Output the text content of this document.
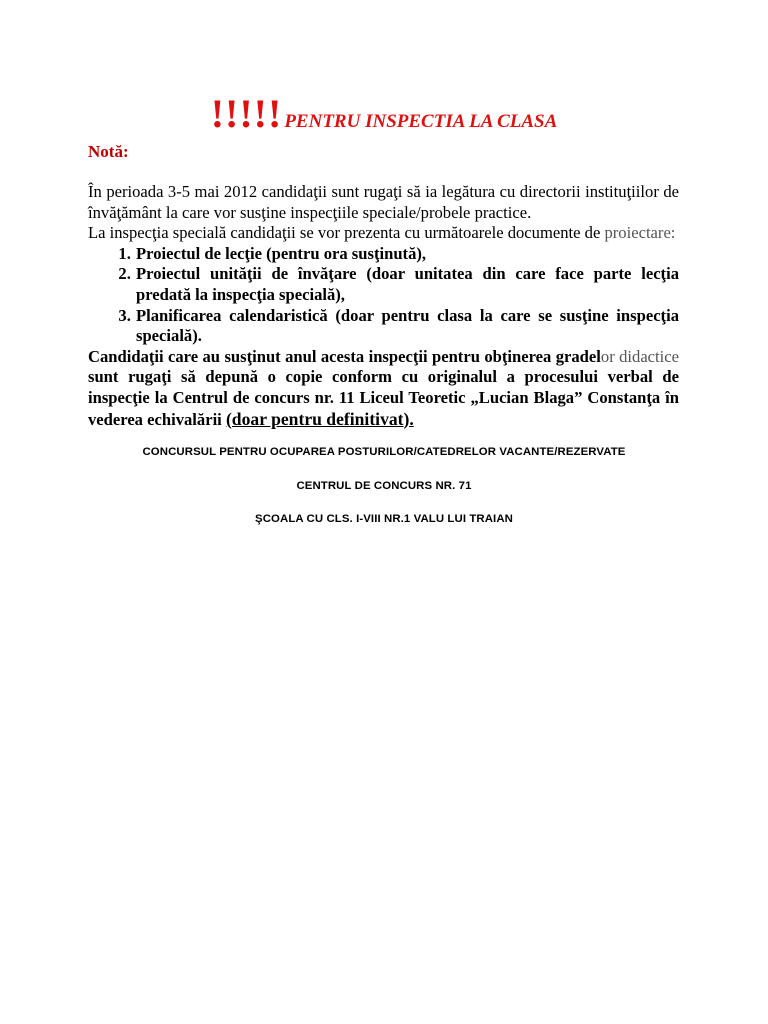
!!!!! PENTRU INSPECTIA LA CLASA
Notă:

În perioada 3-5 mai 2012 candidaţii sunt rugaţi să ia legătura cu directorii instituţiilor de învăţământ la care vor susţine inspecţiile speciale/probele practice.

La inspecţia specială candidaţii se vor prezenta cu următoarele documente de proiectare:

1. Proiectul de lecţie (pentru ora susţinută),
2. Proiectul unităţii de învăţare (doar unitatea din care face parte lecţia predată la inspecţia specială),
3. Planificarea calendaristică (doar pentru clasa la care se susţine inspecţia specială).

Candidaţii care au susţinut anul acesta inspecţii pentru obţinerea gradelor didactice sunt rugaţi să depună o copie conform cu originalul a procesului verbal de inspecţie la Centrul de concurs nr. 11 Liceul Teoretic „Lucian Blaga” Constanţa în vederea echivalării (doar pentru definitivat).

CONCURSUL PENTRU OCUPAREA POSTURILOR/CATEDRELOR VACANTE/REZERVATE
CENTRUL DE CONCURS NR. 71
ŞCOALA CU CLS. I-VIII NR.1 VALU LUI TRAIAN
